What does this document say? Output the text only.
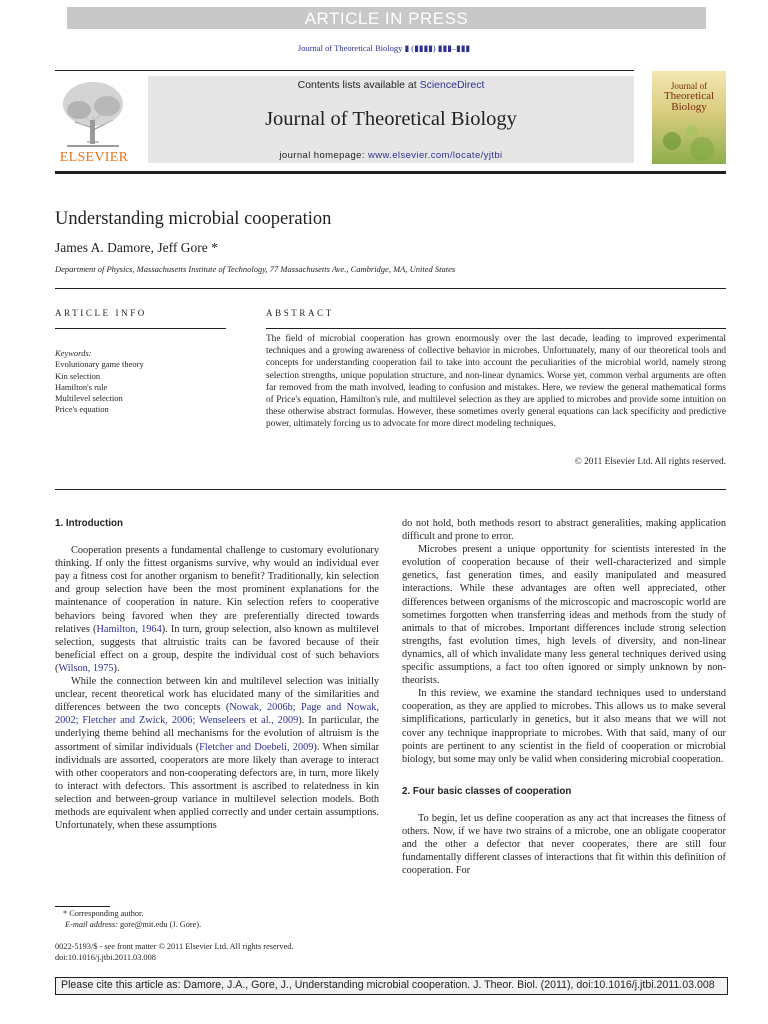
ARTICLE IN PRESS
Journal of Theoretical Biology ▮ (▮▮▮▮) ▮▮▮–▮▮▮
ELSEVIER
Contents lists available at ScienceDirect
Journal of Theoretical Biology
journal homepage: www.elsevier.com/locate/yjtbi
Journal of
Theoretical
Biology
Understanding microbial cooperation
James A. Damore, Jeff Gore *
Department of Physics, Massachusetts Institute of Technology, 77 Massachusetts Ave., Cambridge, MA, United States
ARTICLE INFO	ABSTRACT
Keywords:
Evolutionary game theory
Kin selection
Hamilton's rule
Multilevel selection
Price's equation
The field of microbial cooperation has grown enormously over the last decade, leading to improved experimental techniques and a growing awareness of collective behavior in microbes. Unfortunately, many of our theoretical tools and concepts for understanding cooperation fail to take into account the peculiarities of the microbial world, namely strong selection strengths, unique population structure, and non-linear dynamics. Worse yet, common verbal arguments are often far removed from the math involved, leading to confusion and mistakes. Here, we review the general mathematical forms of Price's equation, Hamilton's rule, and multilevel selection as they are applied to microbes and provide some intuition on these otherwise abstract formulas. However, these sometimes overly general equations can lack specificity and predictive power, ultimately forcing us to advocate for more direct modeling techniques.
© 2011 Elsevier Ltd. All rights reserved.
1. Introduction

Cooperation presents a fundamental challenge to customary evolutionary thinking. If only the fittest organisms survive, why would an individual ever pay a fitness cost for another organism to benefit? Traditionally, kin selection and group selection have been the most prominent explanations for the maintenance of cooperation in nature. Kin selection refers to cooperative behaviors being favored when they are preferentially directed towards relatives (Hamilton, 1964). In turn, group selection, also known as multilevel selection, suggests that altruistic traits can be favored because of their beneficial effect on a group, despite the individual cost of such behaviors (Wilson, 1975).

While the connection between kin and multilevel selection was initially unclear, recent theoretical work has elucidated many of the similarities and differences between the two concepts (Nowak, 2006b; Page and Nowak, 2002; Fletcher and Zwick, 2006; Wenseleers et al., 2009). In particular, the underlying theme behind all mechanisms for the evolution of altruism is the assortment of similar individuals (Fletcher and Doebeli, 2009). When similar individuals are assorted, cooperators are more likely than average to interact with other cooperators and non-cooperating defectors are, in turn, more likely to interact with defectors. This assortment is ascribed to relatedness in kin selection and between-group variance in multilevel selection models. Both methods are equivalent when applied correctly and under certain assumptions. Unfortunately, when these assumptions

do not hold, both methods resort to abstract generalities, making application difficult and prone to error.

Microbes present a unique opportunity for scientists interested in the evolution of cooperation because of their well-characterized and simple genetics, fast generation times, and easily manipulated and measured interactions. While these advantages are often well appreciated, other differences between organisms of the microscopic and macroscopic world are sometimes forgotten when transferring ideas and methods from the study of animals to that of microbes. Important differences include strong selection strengths, fast evolution times, high levels of diversity, and non-linear dynamics, all of which invalidate many less general techniques derived using specific assumptions, a fact too often ignored or simply unknown by non-theorists.

In this review, we examine the standard techniques used to understand cooperation, as they are applied to microbes. This allows us to make several simplifications, particularly in genetics, but it also means that we will not cover any technique inappropriate to microbes. With that said, many of our points are pertinent to any scientist in the field of cooperation or microbial biology, but some may only be valid when considering microbial cooperation.

2. Four basic classes of cooperation

To begin, let us define cooperation as any act that increases the fitness of others. Now, if we have two strains of a microbe, one an obligate cooperator and the other a defector that never cooperates, there are still four fundamentally different classes of interactions that fit within this definition of cooperation. For

* Corresponding author.
E-mail address: gore@mit.edu (J. Gore).
0022-5193/$ - see front matter © 2011 Elsevier Ltd. All rights reserved.
doi:10.1016/j.jtbi.2011.03.008
Please cite this article as: Damore, J.A., Gore, J., Understanding microbial cooperation. J. Theor. Biol. (2011), doi:10.1016/j.jtbi.2011.03.008
